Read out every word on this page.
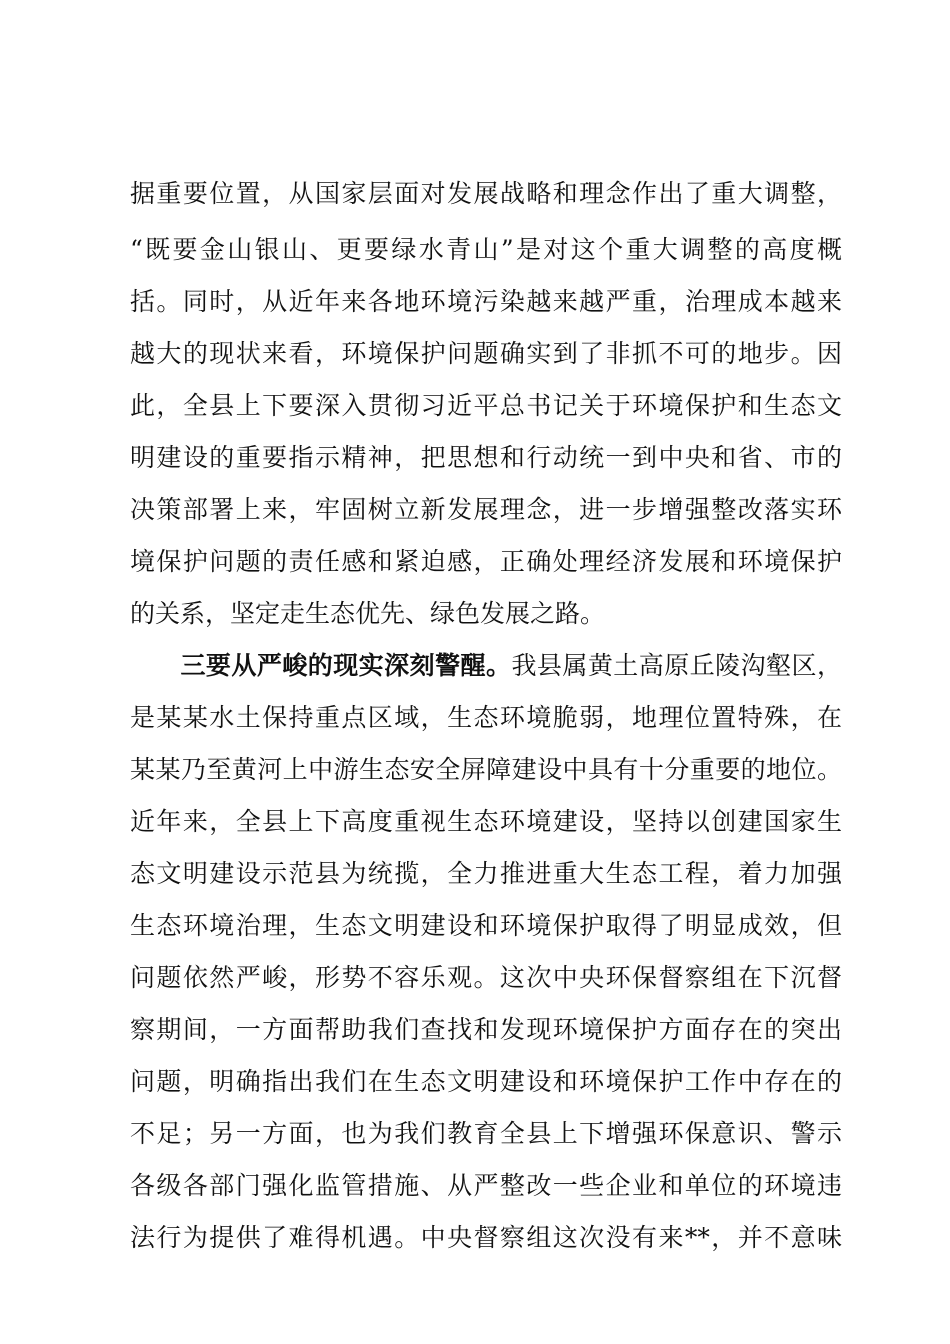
据重要位置，从国家层面对发展战略和理念作出了重大调整，
“既要金山银山、更要绿水青山”是对这个重大调整的高度概
括。同时，从近年来各地环境污染越来越严重，治理成本越来
越大的现状来看，环境保护问题确实到了非抓不可的地步。因
此，全县上下要深入贯彻习近平总书记关于环境保护和生态文
明建设的重要指示精神，把思想和行动统一到中央和省、市的
决策部署上来，牢固树立新发展理念，进一步增强整改落实环
境保护问题的责任感和紧迫感，正确处理经济发展和环境保护
的关系，坚定走生态优先、绿色发展之路。
三要从严峻的现实深刻警醒。我县属黄土高原丘陵沟壑区，
是某某水土保持重点区域，生态环境脆弱，地理位置特殊，在
某某乃至黄河上中游生态安全屏障建设中具有十分重要的地位。
近年来，全县上下高度重视生态环境建设，坚持以创建国家生
态文明建设示范县为统揽，全力推进重大生态工程，着力加强
生态环境治理，生态文明建设和环境保护取得了明显成效，但
问题依然严峻，形势不容乐观。这次中央环保督察组在下沉督
察期间，一方面帮助我们查找和发现环境保护方面存在的突出
问题，明确指出我们在生态文明建设和环境保护工作中存在的
不足；另一方面，也为我们教育全县上下增强环保意识、警示
各级各部门强化监管措施、从严整改一些企业和单位的环境违
法行为提供了难得机遇。中央督察组这次没有来**，并不意味
